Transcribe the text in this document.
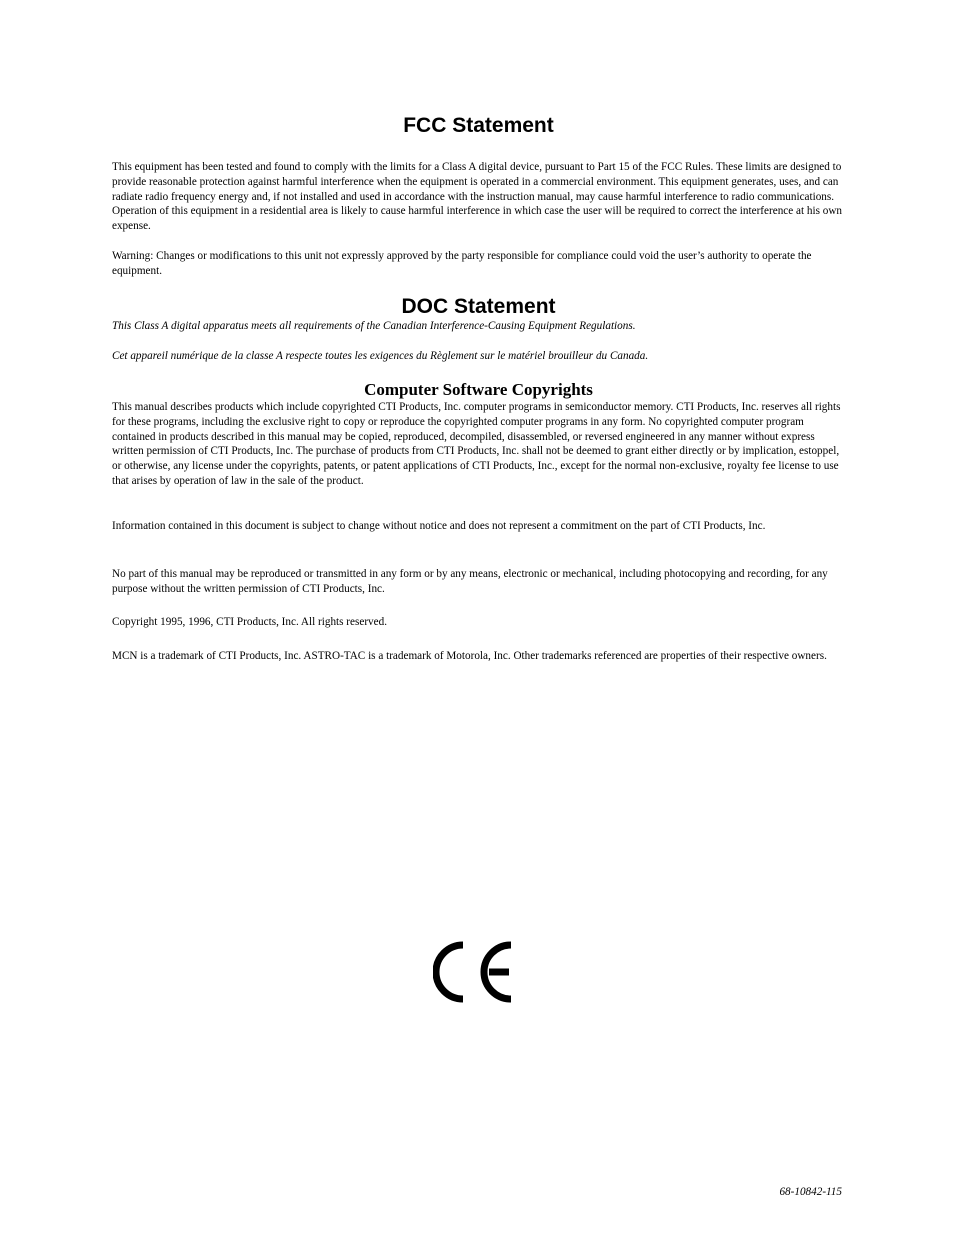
FCC Statement

This equipment has been tested and found to comply with the limits for a Class A digital device, pursuant to Part 15 of the FCC Rules. These limits are designed to provide reasonable protection against harmful interference when the equipment is operated in a commercial environment. This equipment generates, uses, and can radiate radio frequency energy and, if not installed and used in accordance with the instruction manual, may cause harmful interference to radio communications. Operation of this equipment in a residential area is likely to cause harmful interference in which case the user will be required to correct the interference at his own expense.

Warning: Changes or modifications to this unit not expressly approved by the party responsible for compliance could void the user’s authority to operate the equipment.

DOC Statement

This Class A digital apparatus meets all requirements of the Canadian Interference-Causing Equipment Regulations.

Cet appareil numérique de la classe A respecte toutes les exigences du Règlement sur le matériel brouilleur du Canada.

Computer Software Copyrights

This manual describes products which include copyrighted CTI Products, Inc. computer programs in semiconductor memory. CTI Products, Inc. reserves all rights for these programs, including the exclusive right to copy or reproduce the copyrighted computer programs in any form. No copyrighted computer program contained in products described in this manual may be copied, reproduced, decompiled, disassembled, or reversed engineered in any manner without express written permission of CTI Products, Inc. The purchase of products from CTI Products, Inc. shall not be deemed to grant either directly or by implication, estoppel, or otherwise, any license under the copyrights, patents, or patent applications of CTI Products, Inc., except for the normal non-exclusive, royalty fee license to use that arises by operation of law in the sale of the product.

Information contained in this document is subject to change without notice and does not represent a commitment on the part of CTI Products, Inc.

No part of this manual may be reproduced or transmitted in any form or by any means, electronic or mechanical, including photocopying and recording, for any purpose without the written permission of CTI Products, Inc.

Copyright 1995, 1996, CTI Products, Inc. All rights reserved.

MCN is a trademark of CTI Products, Inc. ASTRO-TAC is a trademark of Motorola, Inc. Other trademarks referenced are properties of their respective owners.

68-10842-115
